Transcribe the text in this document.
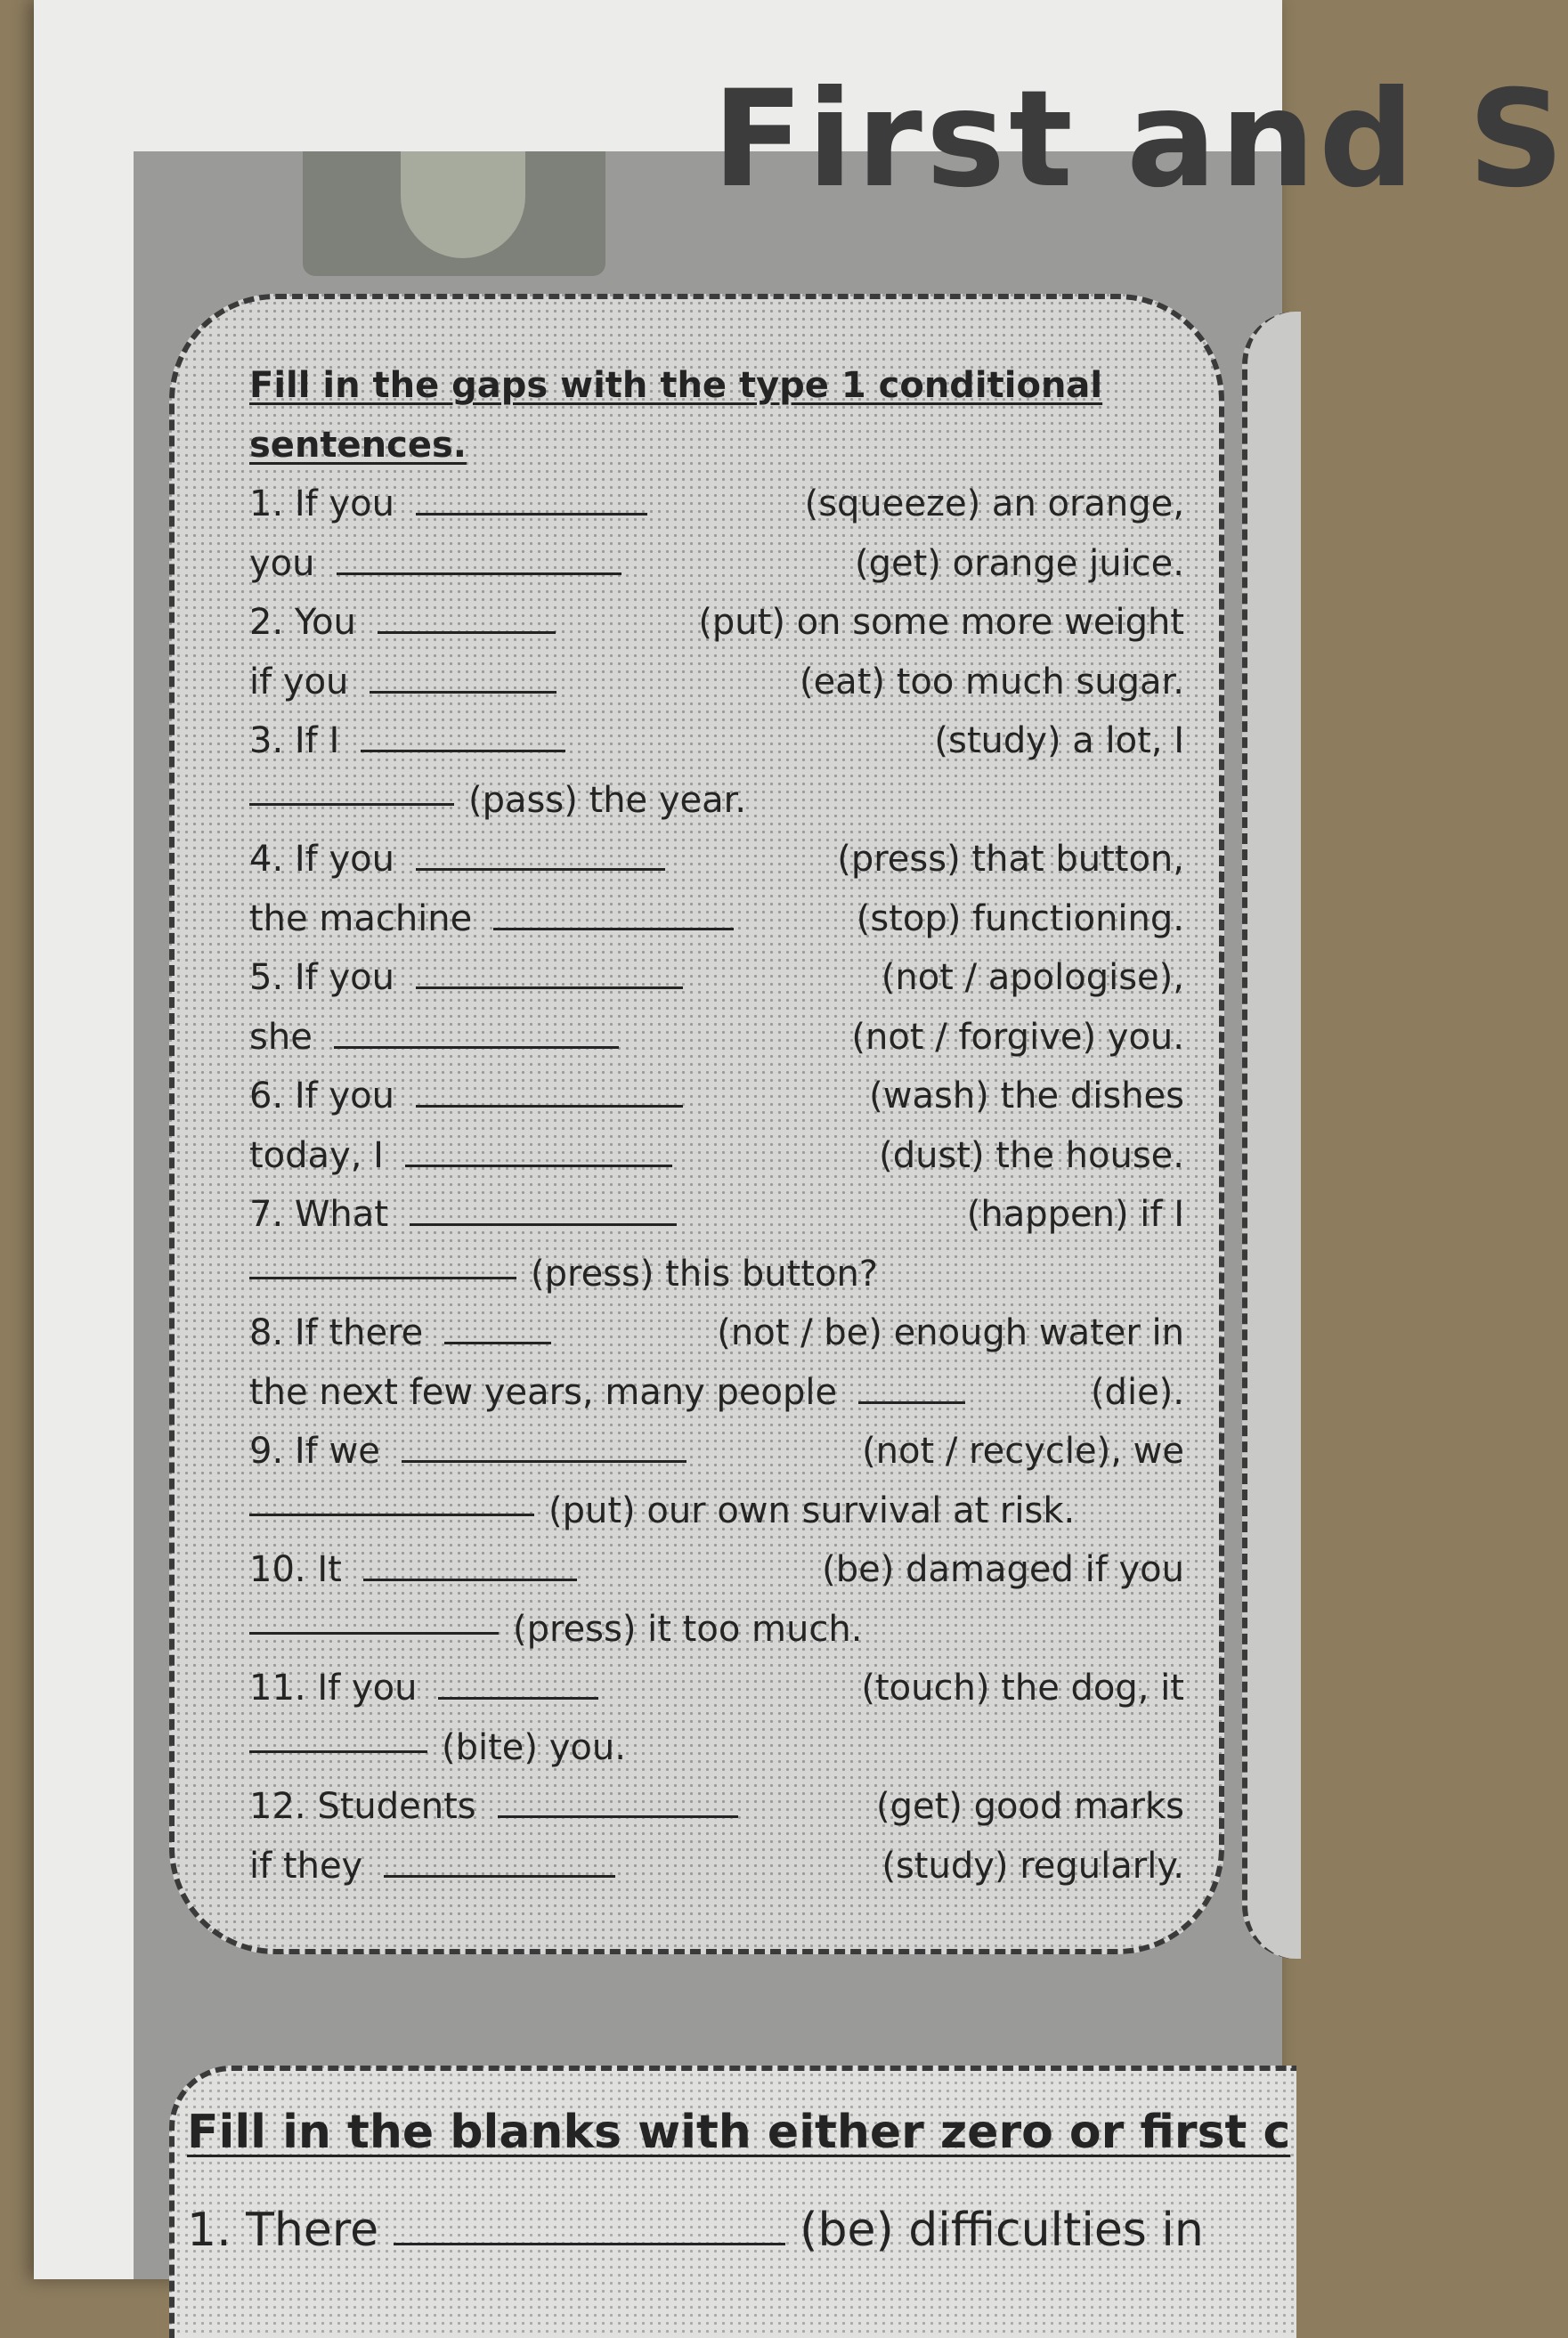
First and S
Fill in the gaps with the type 1 conditional
sentences.
1. If you	(squeeze) an orange,
you	(get) orange juice.
2. You	(put) on some more weight
if you	(eat) too much sugar.
3. If I	(study) a lot, I
(pass) the year.
4. If you	(press) that button,
the machine	(stop) functioning.
5. If you	(not / apologise),
she	(not / forgive) you.
6. If you	(wash) the dishes
today, I	(dust) the house.
7. What	(happen) if I
(press) this button?
8. If there	(not / be) enough water in
the next few years, many people	(die).
9. If we	(not / recycle), we
(put) our own survival at risk.
10. It	(be) damaged if you
(press) it too much.
11. If you	(touch) the dog, it
(bite) you.
12. Students	(get) good marks
if they	(study) regularly.
Fill in the blanks with either zero or first c
1. There	(be) difficulties in
